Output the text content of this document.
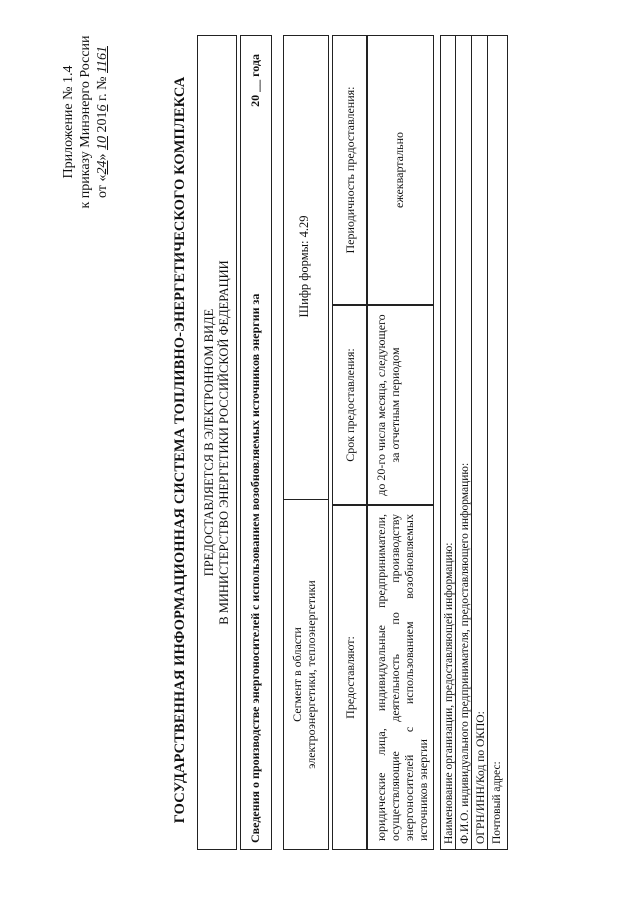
Приложение № 1.4 к приказу Минэнерго России от «24» 10 2016 г. № 1161
ГОСУДАРСТВЕННАЯ ИНФОРМАЦИОННАЯ СИСТЕМА ТОПЛИВНО-ЭНЕРГЕТИЧЕСКОГО КОМПЛЕКСА ПРЕДОСТАВЛЯЕТСЯ В ЭЛЕКТРОННОМ ВИДЕ В МИНИСТЕРСТВО ЭНЕРГЕТИКИ РОССИЙСКОЙ ФЕДЕРАЦИИ	Сведения о производстве энергоносителей с использованием возобновляемых источников энергии за
20 __ года
Сегмент в области электроэнергетики, теплоэнергетики
Шифр формы: 4.29
Предоставляют:
Срок предоставления:
Периодичность предоставления:
юридические лица, индивидуальные предприниматели, осуществляющие деятельность по производству энергоносителей с использованием возобновляемых источников энергии
до 20-го числа месяца, следующего за отчетным периодом
ежеквартально
Наименование организации, предоставляющей информацию: Ф.И.О. индивидуального предпринимателя, предоставляющего информацию: ОГРН/ИНН/Код по ОКПО: Почтовый адрес:
